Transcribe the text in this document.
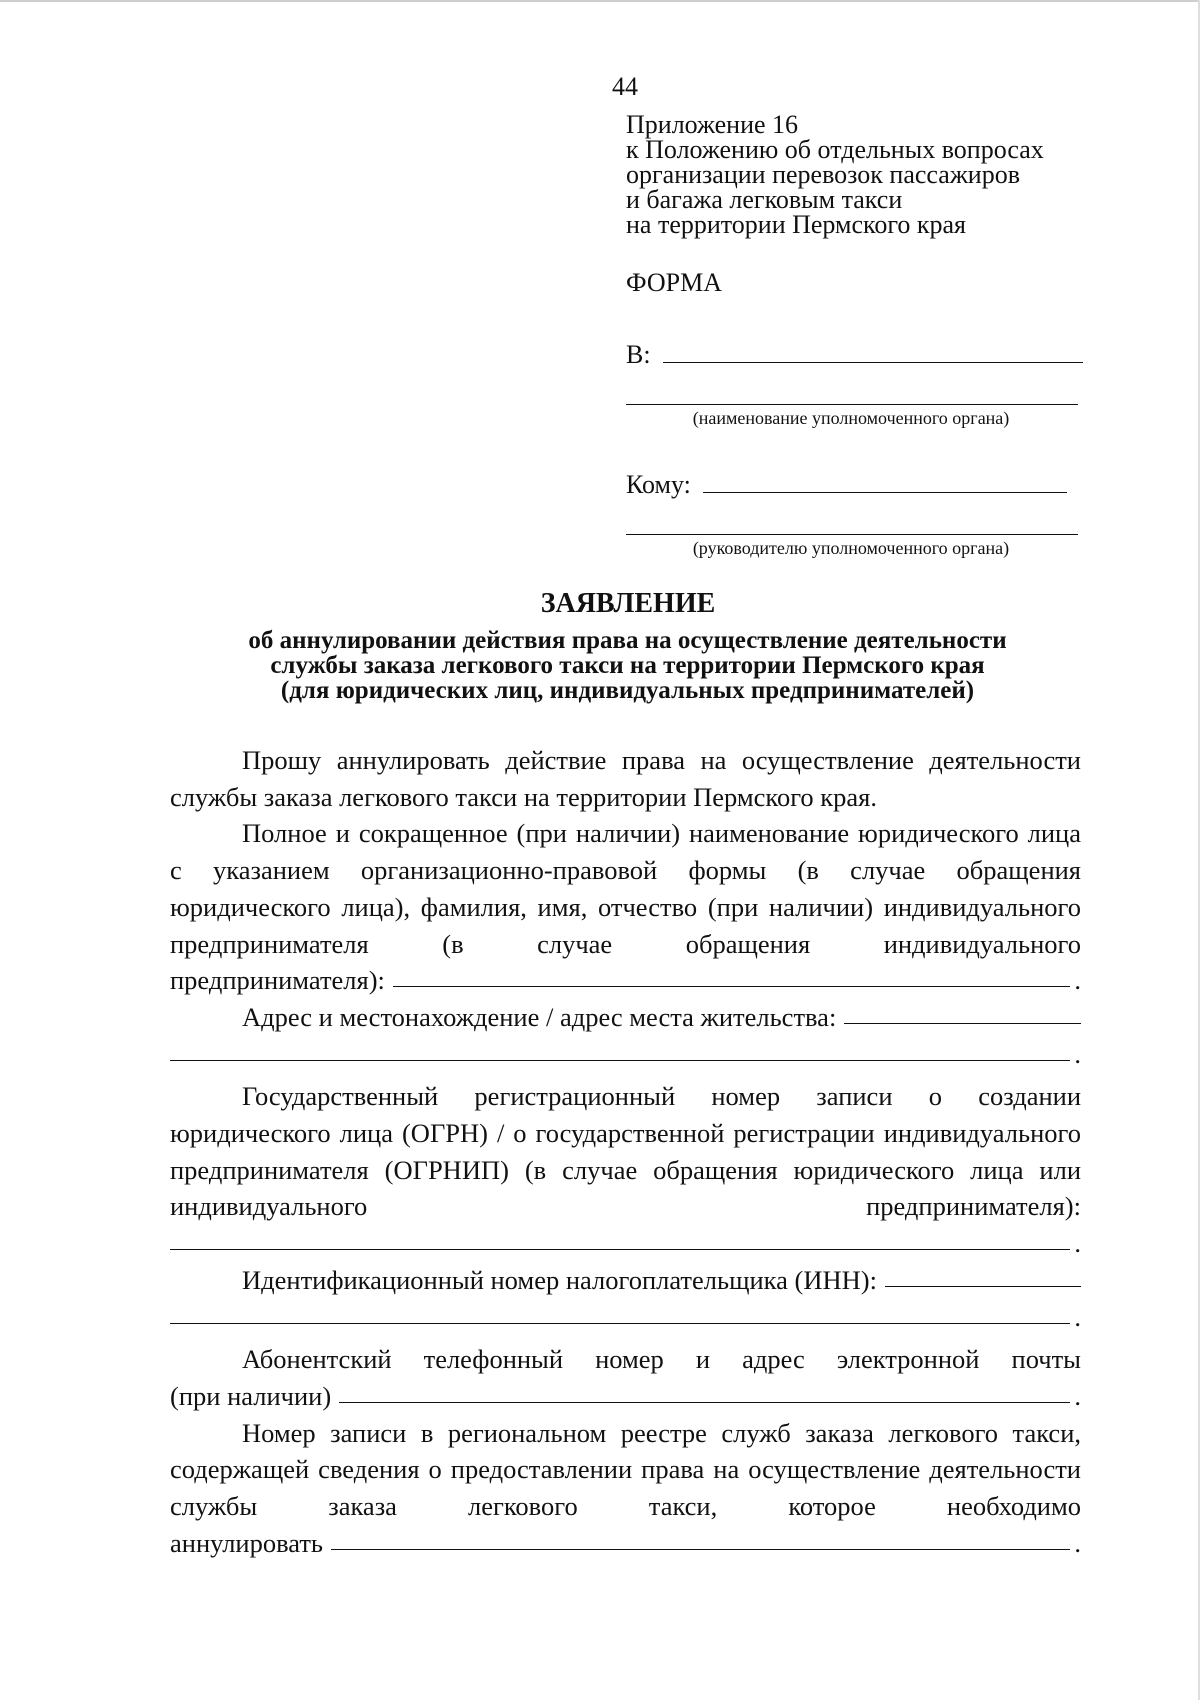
44
Приложение 16
к Положению об отдельных вопросах
организации перевозок пассажиров
и багажа легковым такси
на территории Пермского края
ФОРМА
В:
(наименование уполномоченного органа)
Кому:
(руководителю уполномоченного органа)
ЗАЯВЛЕНИЕ
об аннулировании действия права на осуществление деятельности
службы заказа легкового такси на территории Пермского края
(для юридических лиц, индивидуальных предпринимателей)

Прошу аннулировать действие права на осуществление деятельности службы заказа легкового такси на территории Пермского края.

Полное и сокращенное (при наличии) наименование юридического лица с указанием организационно-правовой формы (в случае обращения юридического лица), фамилия, имя, отчество (при наличии) индивидуального предпринимателя (в случае обращения индивидуального

предпринимателя):	.
Адрес и местонахождение / адрес места жительства:
.

Государственный регистрационный номер записи о создании юридического лица (ОГРН) / о государственной регистрации индивидуального предпринимателя (ОГРНИП) (в случае обращения юридического лица или индивидуального предпринимателя):

.
Идентификационный номер налогоплательщика (ИНН):
.

Абонентский телефонный номер и адрес электронной почты

(при наличии)	.

Номер записи в региональном реестре служб заказа легкового такси, содержащей сведения о предоставлении права на осуществление деятельности службы заказа легкового такси, которое необходимо

аннулировать	.
